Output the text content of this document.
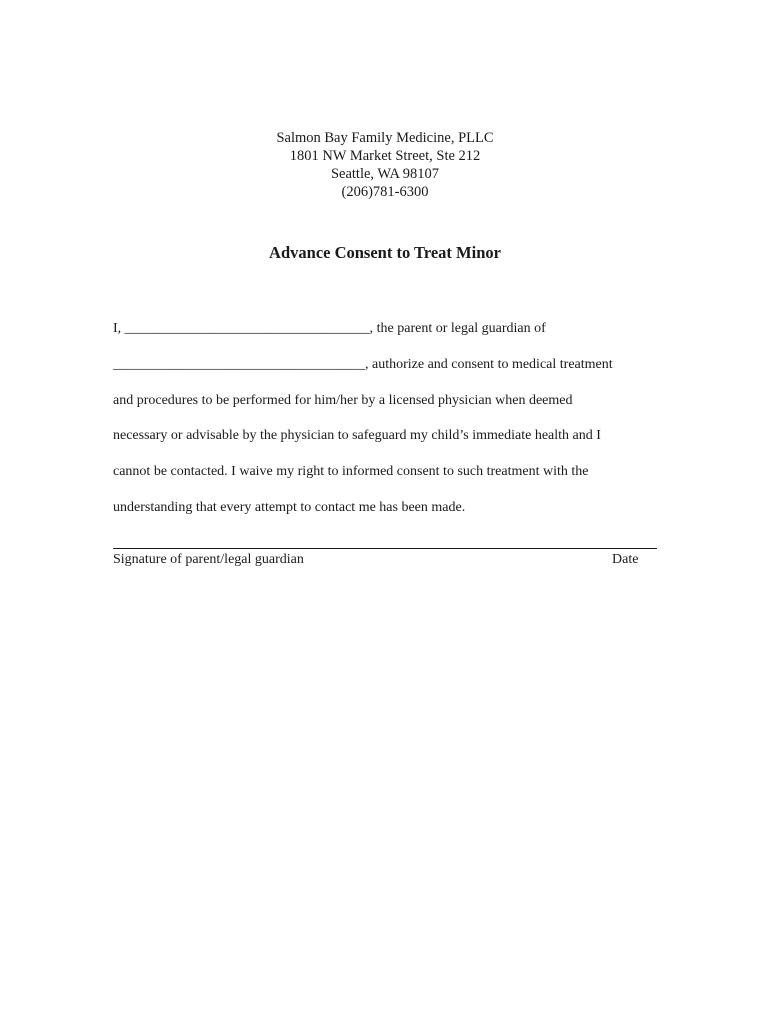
Salmon Bay Family Medicine, PLLC
1801 NW Market Street, Ste 212
Seattle, WA 98107
(206)781-6300
Advance Consent to Treat Minor
I, ___________________________________, the parent or legal guardian of
____________________________________, authorize and consent to medical treatment
and procedures to be performed for him/her by a licensed physician when deemed
necessary or advisable by the physician to safeguard my child’s immediate health and I
cannot be contacted. I waive my right to informed consent to such treatment with the
understanding that every attempt to contact me has been made.
Signature of parent/legal guardian	Date
